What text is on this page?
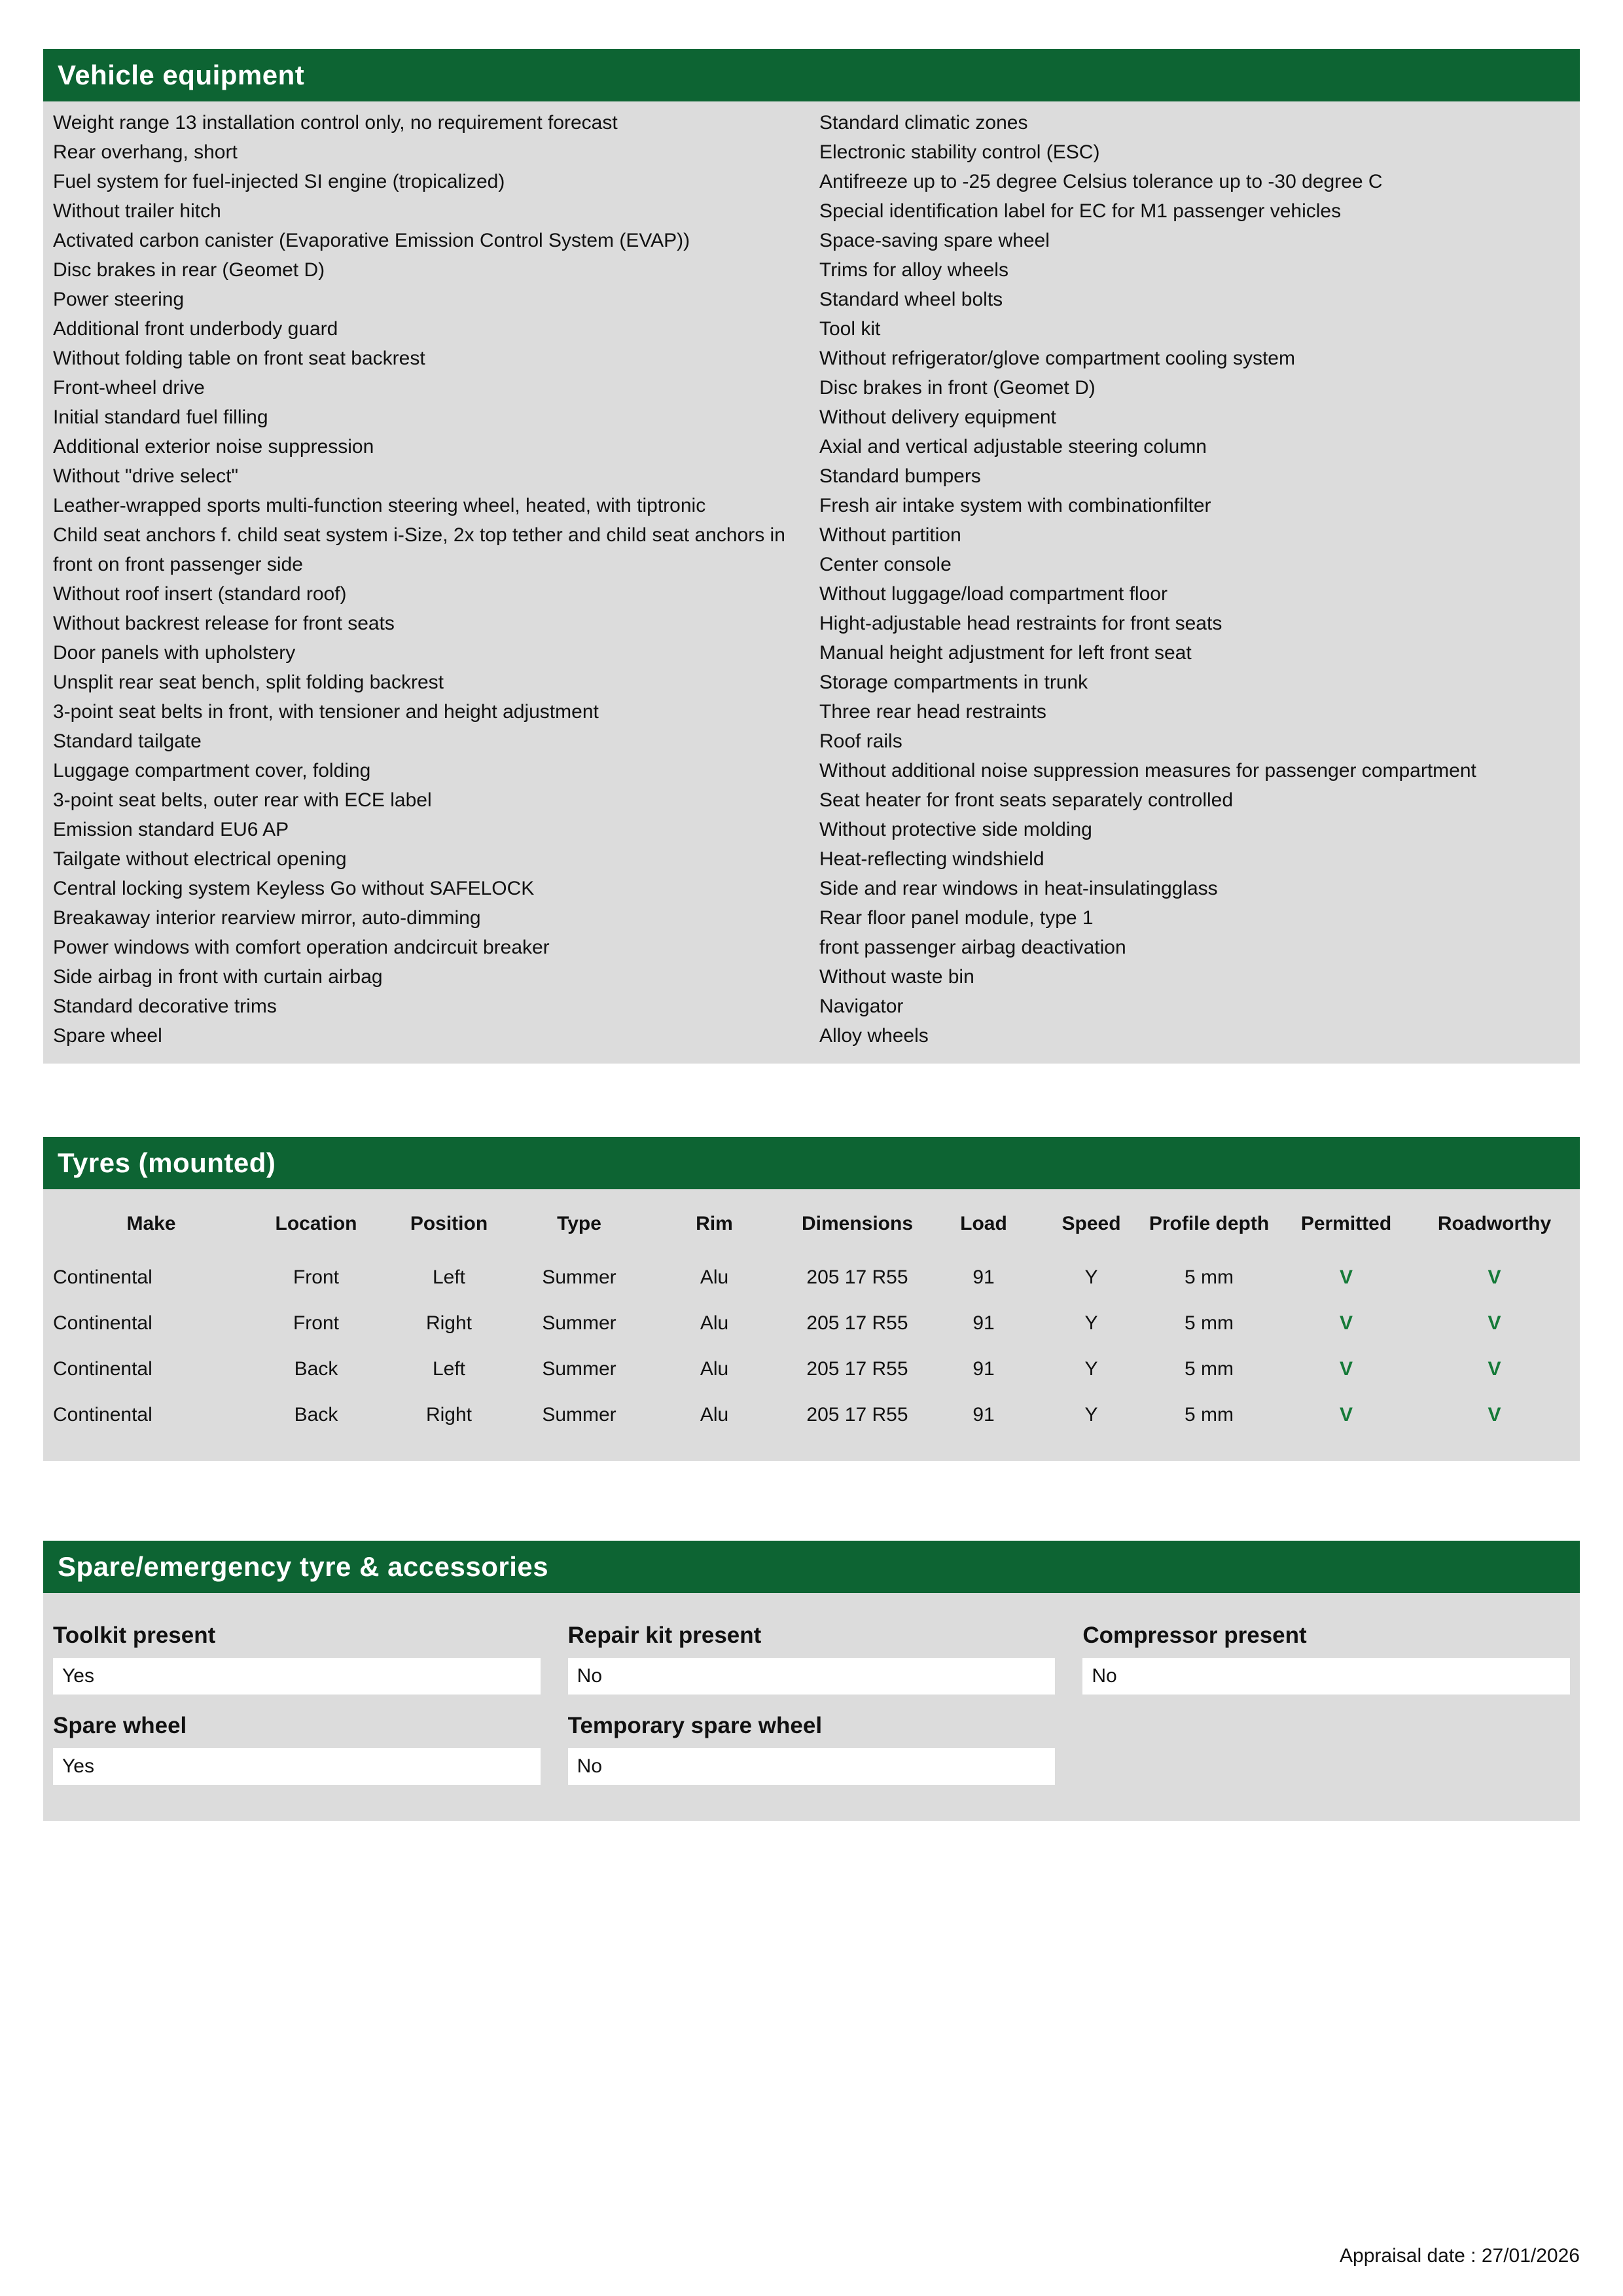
Vehicle equipment
Weight range 13 installation control only, no requirement forecast
Rear overhang, short
Fuel system for fuel-injected SI engine (tropicalized)
Without trailer hitch
Activated carbon canister (Evaporative Emission Control System (EVAP))
Disc brakes in rear (Geomet D)
Power steering
Additional front underbody guard
Without folding table on front seat backrest
Front-wheel drive
Initial standard fuel filling
Additional exterior noise suppression
Without "drive select"
Leather-wrapped sports multi-function steering wheel, heated, with tiptronic
Child seat anchors f. child seat system i-Size, 2x top tether and child seat anchors in front on front passenger side
Without roof insert (standard roof)
Without backrest release for front seats
Door panels with upholstery
Unsplit rear seat bench, split folding backrest
3-point seat belts in front, with tensioner and height adjustment
Standard tailgate
Luggage compartment cover, folding
3-point seat belts, outer rear with ECE label
Emission standard EU6 AP
Tailgate without electrical opening
Central locking system Keyless Go without SAFELOCK
Breakaway interior rearview mirror, auto-dimming
Power windows with comfort operation andcircuit breaker
Side airbag in front with curtain airbag
Standard decorative trims
Spare wheel
Standard climatic zones
Electronic stability control (ESC)
Antifreeze up to -25 degree Celsius tolerance up to -30 degree C
Special identification label for EC for M1 passenger vehicles
Space-saving spare wheel
Trims for alloy wheels
Standard wheel bolts
Tool kit
Without refrigerator/glove compartment cooling system
Disc brakes in front (Geomet D)
Without delivery equipment
Axial and vertical adjustable steering column
Standard bumpers
Fresh air intake system with combinationfilter
Without partition
Center console
Without luggage/load compartment floor
Hight-adjustable head restraints for front seats
Manual height adjustment for left front seat
Storage compartments in trunk
Three rear head restraints
Roof rails
Without additional noise suppression measures for passenger compartment
Seat heater for front seats separately controlled
Without protective side molding
Heat-reflecting windshield
Side and rear windows in heat-insulatingglass
Rear floor panel module, type 1
front passenger airbag deactivation
Without waste bin
Navigator
Alloy wheels
Tyres (mounted)
Make	Location	Position	Type	Rim	Dimensions	Load	Speed	Profile depth	Permitted	Roadworthy
Continental	Front	Left	Summer	Alu	205 17 R55	91	Y	5 mm	V	V
Continental	Front	Right	Summer	Alu	205 17 R55	91	Y	5 mm	V	V
Continental	Back	Left	Summer	Alu	205 17 R55	91	Y	5 mm	V	V
Continental	Back	Right	Summer	Alu	205 17 R55	91	Y	5 mm	V	V
Spare/emergency tyre & accessories
Toolkit present
Yes
Repair kit present
No
Compressor present
No
Spare wheel
Yes
Temporary spare wheel
No
Appraisal date : 27/01/2026
